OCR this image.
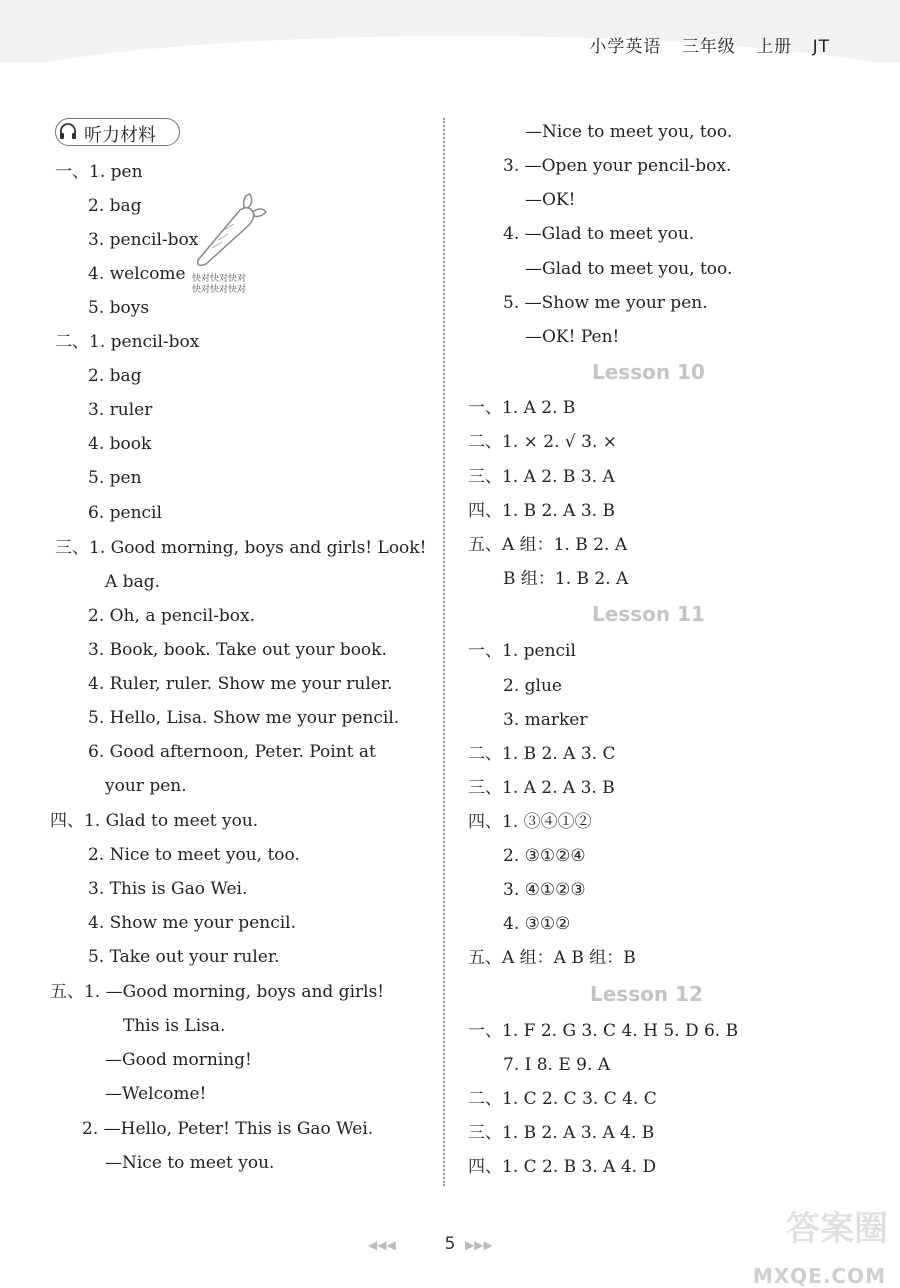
小学英语 三年级 上册 JT
听力材料
快对快对快对
快对快对快对
一、1. pen
2. bag
3. pencil-box
4. welcome
5. boys
二、1. pencil-box
2. bag
3. ruler
4. book
5. pen
6. pencil
三、1. Good morning, boys and girls! Look!
A bag.
2. Oh, a pencil-box.
3. Book, book. Take out your book.
4. Ruler, ruler. Show me your ruler.
5. Hello, Lisa. Show me your pencil.
6. Good afternoon, Peter. Point at
your pen.
四、1. Glad to meet you.
2. Nice to meet you, too.
3. This is Gao Wei.
4. Show me your pencil.
5. Take out your ruler.
五、1. —Good morning, boys and girls!
This is Lisa.
—Good morning!
—Welcome!
2. —Hello, Peter! This is Gao Wei.
—Nice to meet you.
—Nice to meet you, too.
3. —Open your pencil-box.
—OK!
4. —Glad to meet you.
—Glad to meet you, too.
5. —Show me your pen.
—OK! Pen!
Lesson 10
一、1. A 2. B
二、1. × 2. √ 3. ×
三、1. A 2. B 3. A
四、1. B 2. A 3. B
五、A 组：1. B 2. A
B 组：1. B 2. A
Lesson 11
一、1. pencil
2. glue
3. marker
二、1. B 2. A 3. C
三、1. A 2. A 3. B
四、1. ③④①②
2. ③①②④
3. ④①②③
4. ③①②
五、A 组：A B 组：B
Lesson 12
一、1. F 2. G 3. C 4. H 5. D 6. B
7. I 8. E 9. A
二、1. C 2. C 3. C 4. C
三、1. B 2. A 3. A 4. B
四、1. C 2. B 3. A 4. D
◀◀◀	5 ▶▶▶	答案圈
MXQE.COM
